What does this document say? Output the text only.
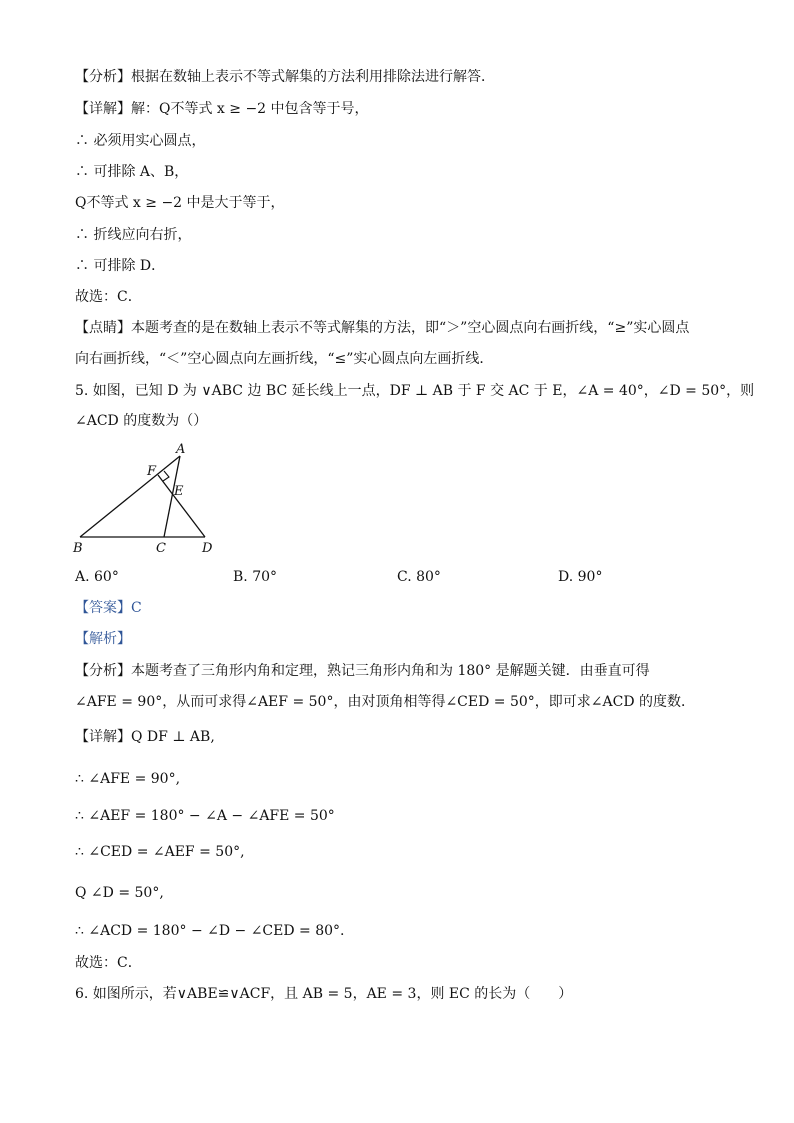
【分析】根据在数轴上表示不等式解集的方法利用排除法进行解答．
【详解】解：Q不等式 x ≥ −2 中包含等于号，
∴ 必须用实心圆点，
∴ 可排除 A、B，
Q不等式 x ≥ −2 中是大于等于，
∴ 折线应向右折，
∴ 可排除 D．
故选：C．
【点睛】本题考查的是在数轴上表示不等式解集的方法，即“＞”空心圆点向右画折线，“≥”实心圆点
向右画折线，“＜”空心圆点向左画折线，“≤”实心圆点向左画折线．
5. 如图，已知 D 为 ∨ABC 边 BC 延长线上一点，DF ⊥ AB 于 F 交 AC 于 E，∠A = 40°，∠D = 50°，则
∠ACD 的度数为（）
A
F
E
B	C	D
A. 60°	B. 70°	C. 80°	D. 90°
【答案】C
【解析】
【分析】本题考查了三角形内角和定理，熟记三角形内角和为 180° 是解题关键．由垂直可得
∠AFE = 90°，从而可求得∠AEF = 50°，由对顶角相等得∠CED = 50°，即可求∠ACD 的度数．
【详解】Q DF ⊥ AB,
∴ ∠AFE = 90°,
∴ ∠AEF = 180° − ∠A − ∠AFE = 50°
∴ ∠CED = ∠AEF = 50°,
Q ∠D = 50°,
∴ ∠ACD = 180° − ∠D − ∠CED = 80°.
故选：C．
6. 如图所示，若∨ABE≌∨ACF，且 AB = 5，AE = 3，则 EC 的长为（　　）
